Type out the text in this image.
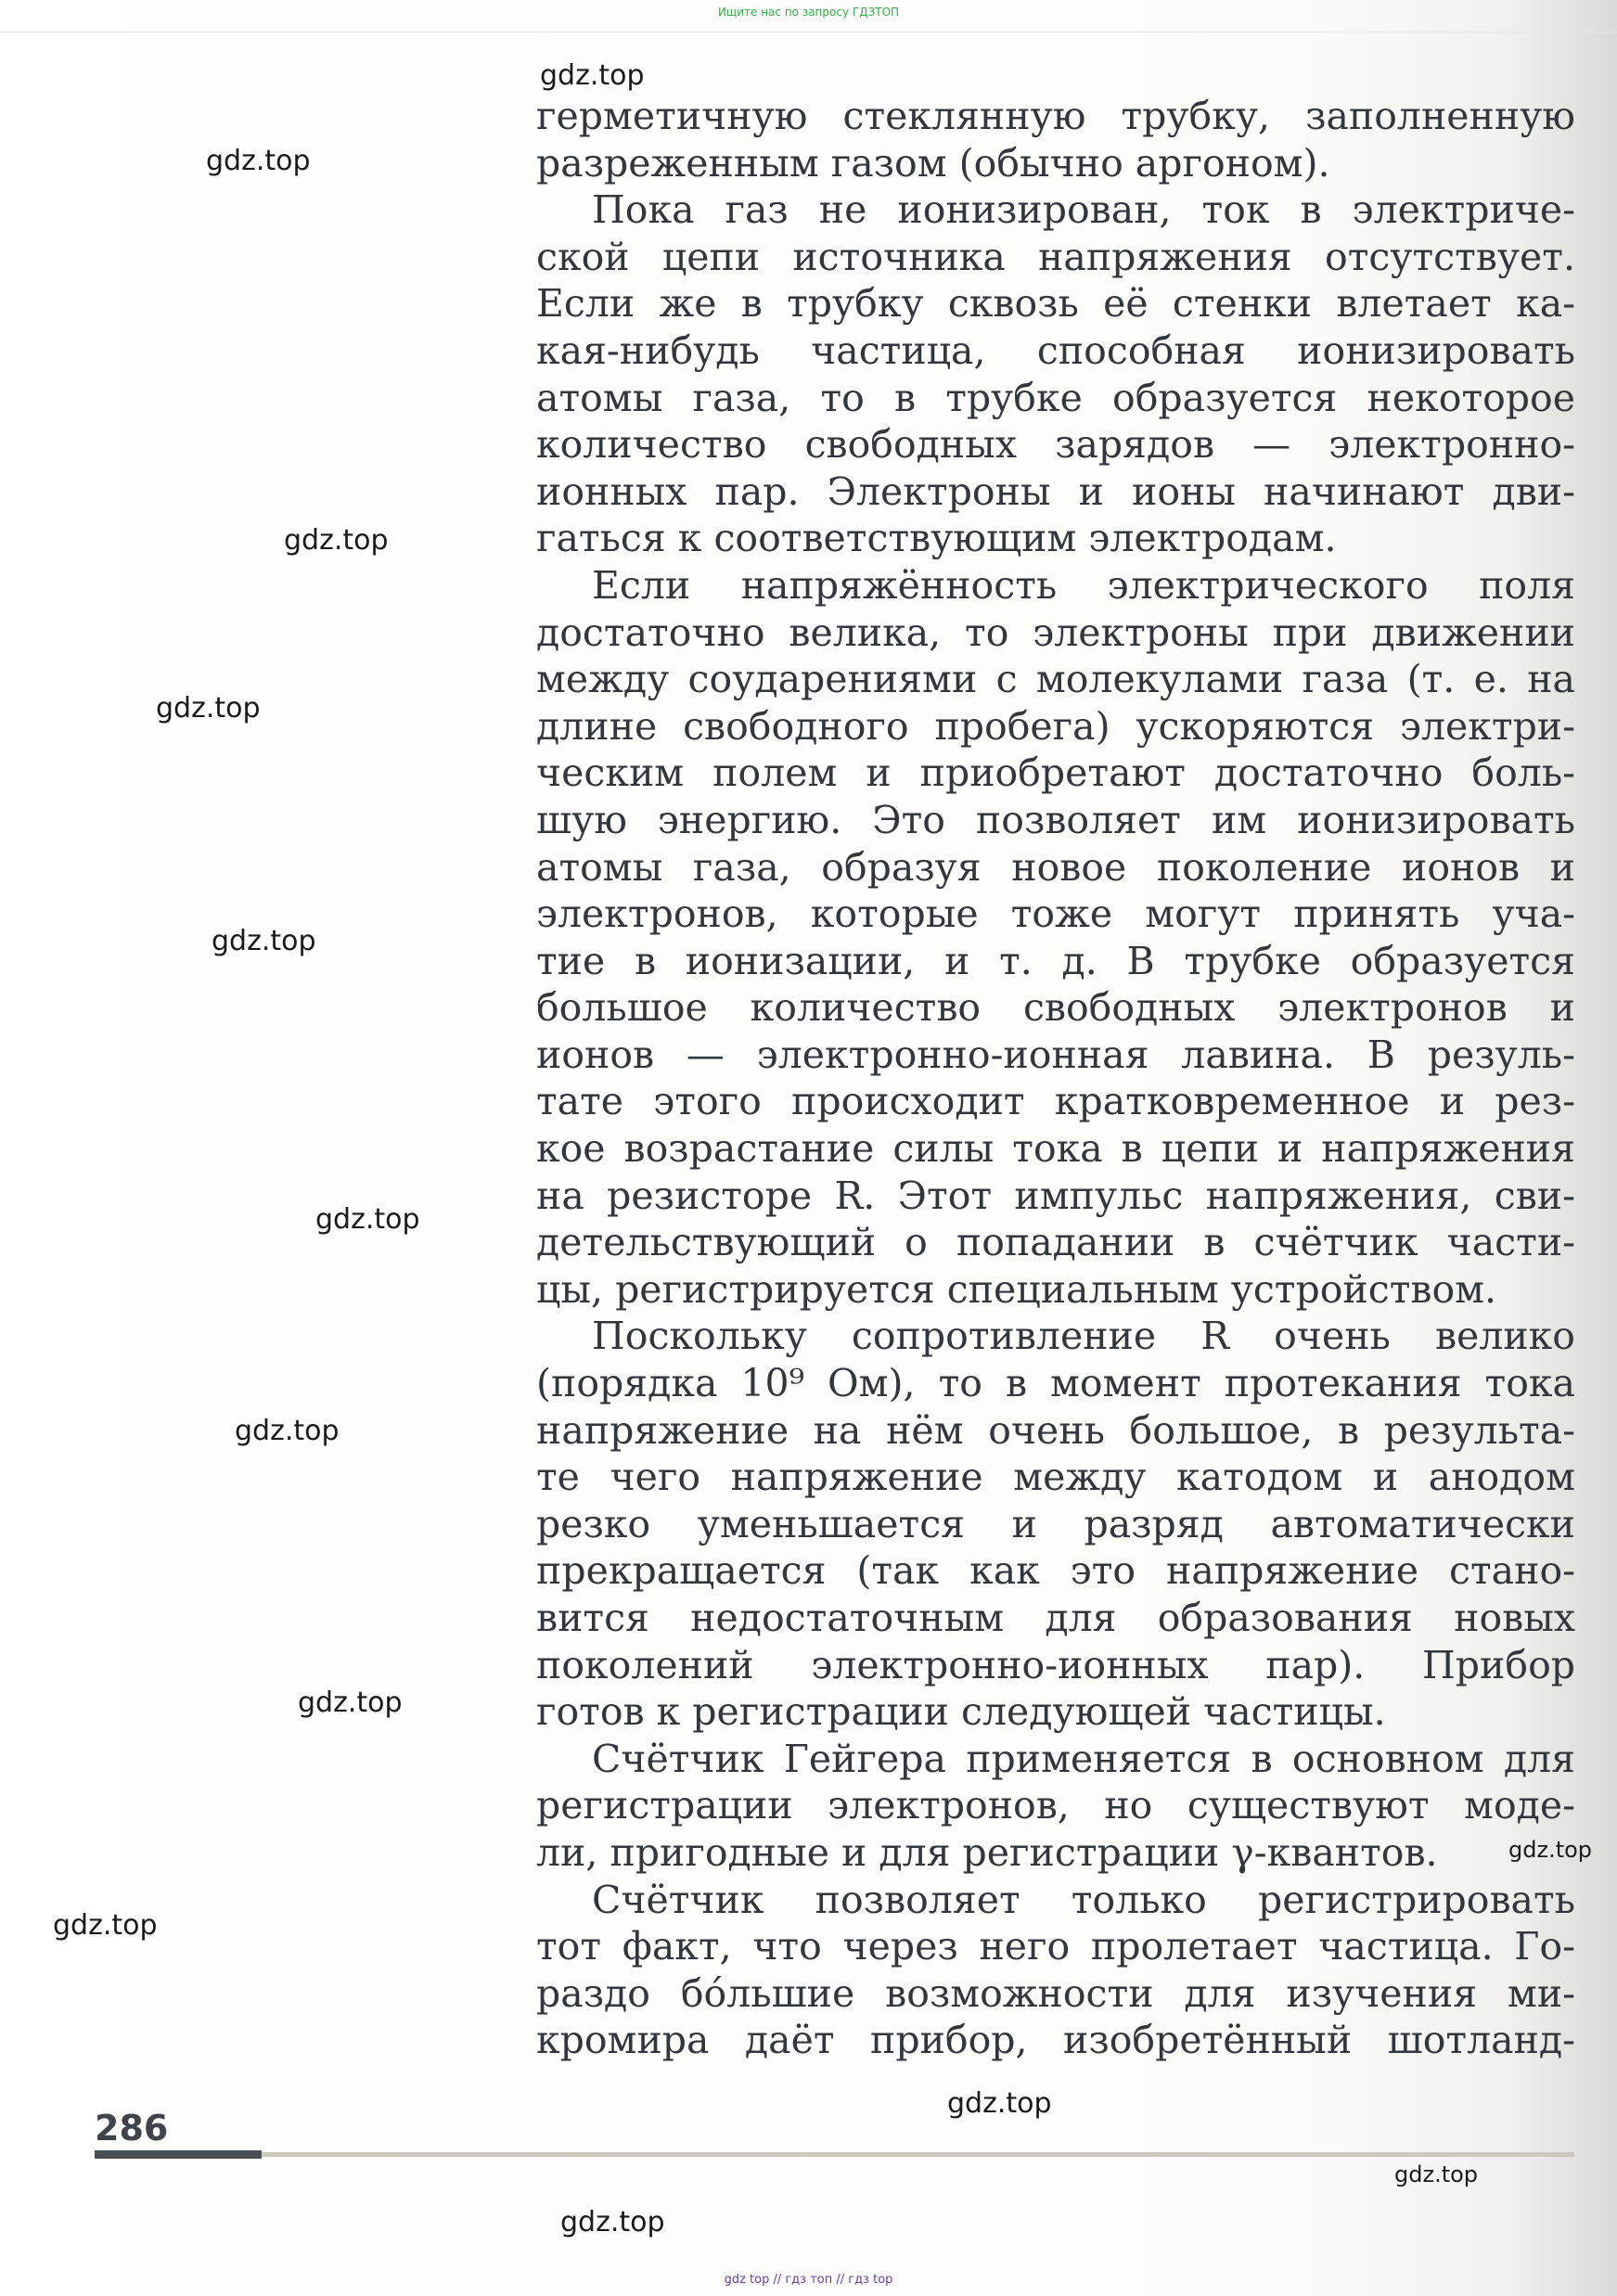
Ищите нас по запросу ГДЗТОП
герметичную стеклянную трубку, заполненную
разреженным газом (обычно аргоном).
Пока газ не ионизирован, ток в электриче-
ской цепи источника напряжения отсутствует.
Если же в трубку сквозь её стенки влетает ка-
кая-нибудь частица, способная ионизировать
атомы газа, то в трубке образуется некоторое
количество свободных зарядов — электронно-
ионных пар. Электроны и ионы начинают дви-
гаться к соответствующим электродам.
Если напряжённость электрического поля
достаточно велика, то электроны при движении
между соударениями с молекулами газа (т. е. на
длине свободного пробега) ускоряются электри-
ческим полем и приобретают достаточно боль-
шую энергию. Это позволяет им ионизировать
атомы газа, образуя новое поколение ионов и
электронов, которые тоже могут принять уча-
тие в ионизации, и т. д. В трубке образуется
большое количество свободных электронов и
ионов — электронно-ионная лавина. В резуль-
тате этого происходит кратковременное и рез-
кое возрастание силы тока в цепи и напряжения
на резисторе R. Этот импульс напряжения, сви-
детельствующий о попадании в счётчик части-
цы, регистрируется специальным устройством.
Поскольку сопротивление R очень велико
(порядка 10⁹ Ом), то в момент протекания тока
напряжение на нём очень большое, в результа-
те чего напряжение между катодом и анодом
резко уменьшается и разряд автоматически
прекращается (так как это напряжение стано-
вится недостаточным для образования новых
поколений электронно-ионных пар). Прибор
готов к регистрации следующей частицы.
Счётчик Гейгера применяется в основном для
регистрации электронов, но существуют моде-
ли, пригодные и для регистрации γ-квантов.
Счётчик позволяет только регистрировать
тот факт, что через него пролетает частица. Го-
раздо бóльшие возможности для изучения ми-
кромира даёт прибор, изобретённый шотланд-
gdz.top
gdz.top
gdz.top
gdz.top
gdz.top
gdz.top
gdz.top
gdz.top
gdz.top
gdz.top
gdz.top
gdz.top
gdz.top
286
gdz top // гдз топ // гдз top
